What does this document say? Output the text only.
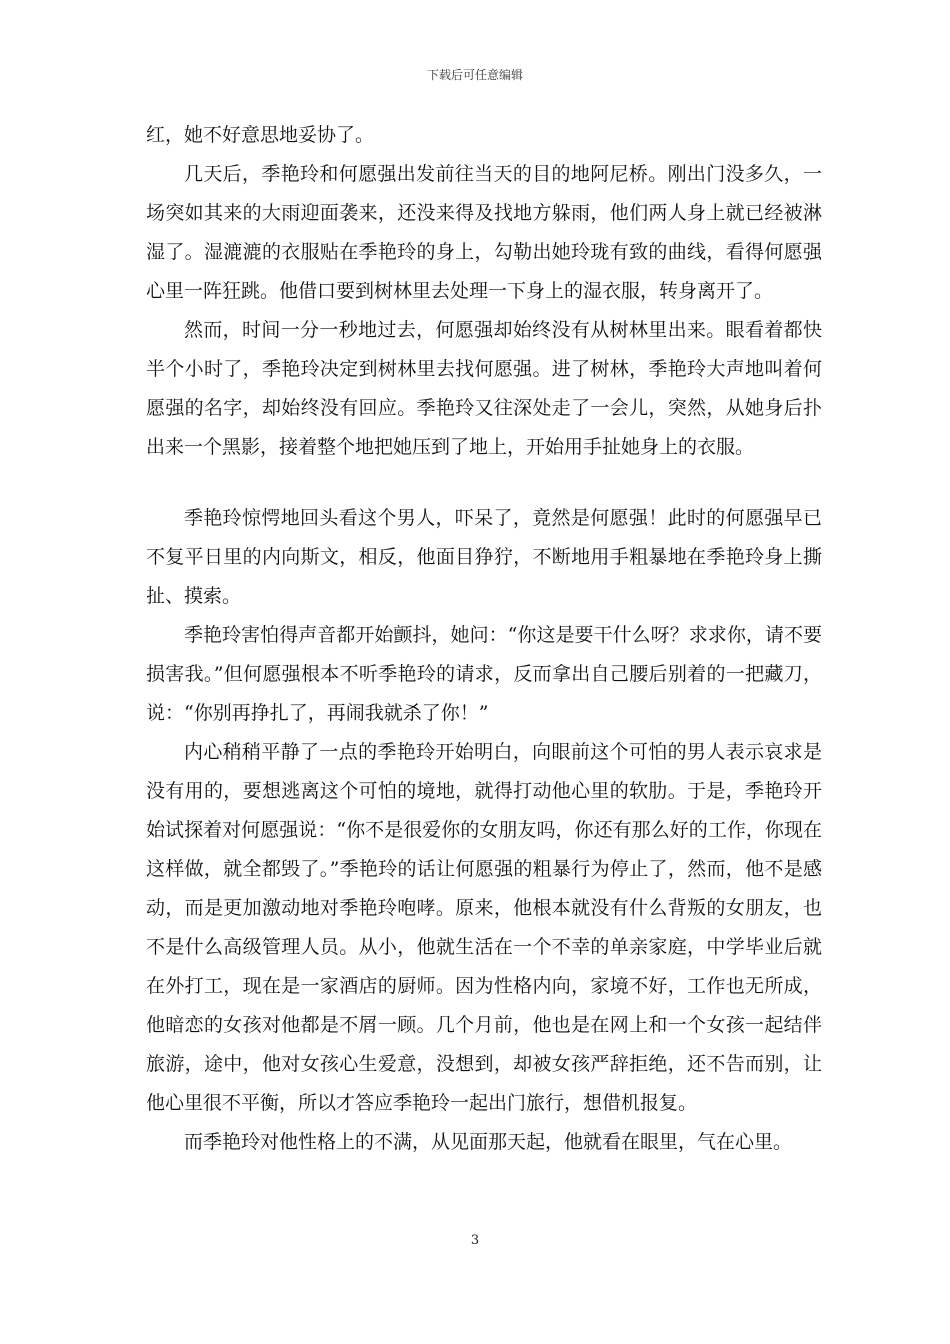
下载后可任意编辑

红，她不好意思地妥协了。

几天后，季艳玲和何愿强出发前往当天的目的地阿尼桥。刚出门没多久，一场突如其来的大雨迎面袭来，还没来得及找地方躲雨，他们两人身上就已经被淋湿了。湿漉漉的衣服贴在季艳玲的身上，勾勒出她玲珑有致的曲线，看得何愿强心里一阵狂跳。他借口要到树林里去处理一下身上的湿衣服，转身离开了。

然而，时间一分一秒地过去，何愿强却始终没有从树林里出来。眼看着都快半个小时了，季艳玲决定到树林里去找何愿强。进了树林，季艳玲大声地叫着何愿强的名字，却始终没有回应。季艳玲又往深处走了一会儿，突然，从她身后扑出来一个黑影，接着整个地把她压到了地上，开始用手扯她身上的衣服。

季艳玲惊愕地回头看这个男人，吓呆了，竟然是何愿强！此时的何愿强早已不复平日里的内向斯文，相反，他面目狰狞，不断地用手粗暴地在季艳玲身上撕扯、摸索。

季艳玲害怕得声音都开始颤抖，她问：“你这是要干什么呀？求求你，请不要损害我。”但何愿强根本不听季艳玲的请求，反而拿出自己腰后别着的一把藏刀，说：“你别再挣扎了，再闹我就杀了你！”

内心稍稍平静了一点的季艳玲开始明白，向眼前这个可怕的男人表示哀求是没有用的，要想逃离这个可怕的境地，就得打动他心里的软肋。于是，季艳玲开始试探着对何愿强说：“你不是很爱你的女朋友吗，你还有那么好的工作，你现在这样做，就全都毁了。”季艳玲的话让何愿强的粗暴行为停止了，然而，他不是感动，而是更加激动地对季艳玲咆哮。原来，他根本就没有什么背叛的女朋友，也不是什么高级管理人员。从小，他就生活在一个不幸的单亲家庭，中学毕业后就在外打工，现在是一家酒店的厨师。因为性格内向，家境不好，工作也无所成，他暗恋的女孩对他都是不屑一顾。几个月前，他也是在网上和一个女孩一起结伴旅游，途中，他对女孩心生爱意，没想到，却被女孩严辞拒绝，还不告而别，让他心里很不平衡，所以才答应季艳玲一起出门旅行，想借机报复。

而季艳玲对他性格上的不满，从见面那天起，他就看在眼里，气在心里。

3
